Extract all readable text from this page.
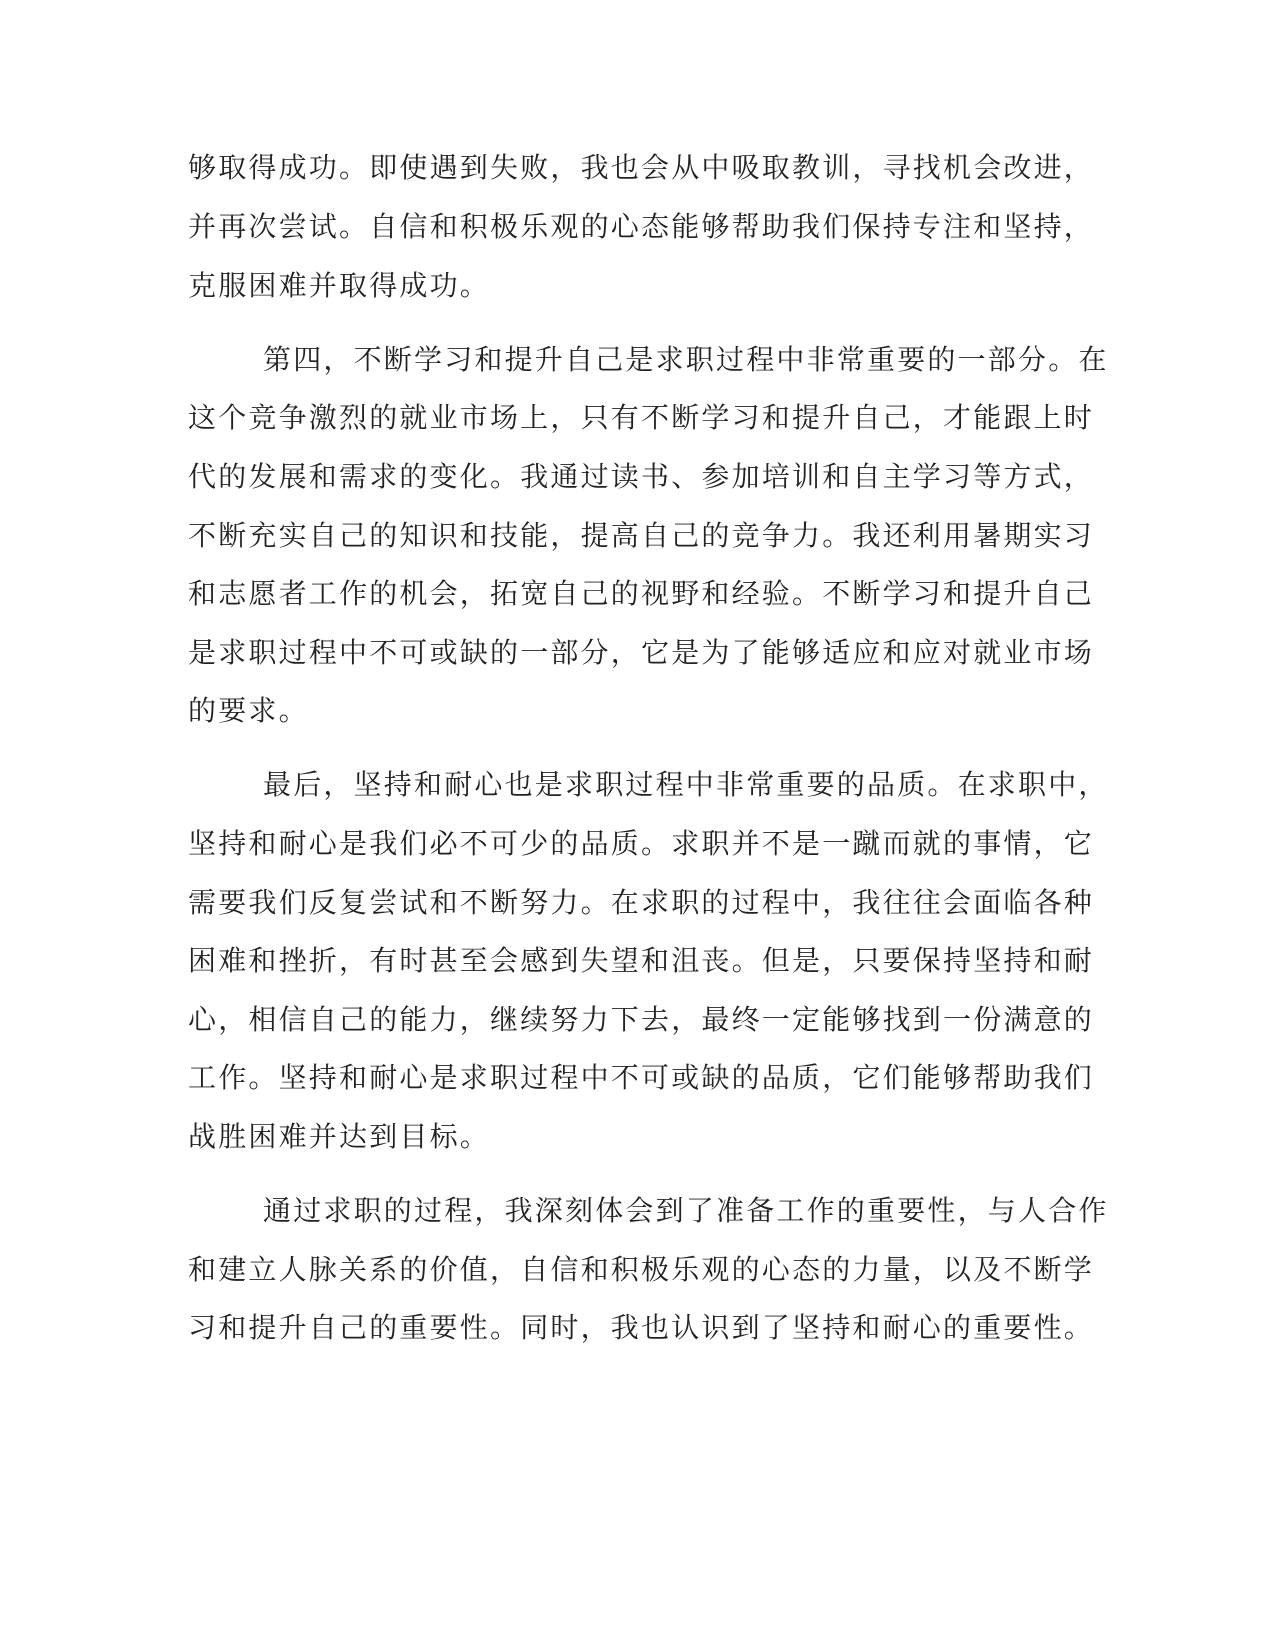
够取得成功。即使遇到失败，我也会从中吸取教训，寻找机会改进，
并再次尝试。自信和积极乐观的心态能够帮助我们保持专注和坚持，
克服困难并取得成功。
第四，不断学习和提升自己是求职过程中非常重要的一部分。在
这个竞争激烈的就业市场上，只有不断学习和提升自己，才能跟上时
代的发展和需求的变化。我通过读书、参加培训和自主学习等方式，
不断充实自己的知识和技能，提高自己的竞争力。我还利用暑期实习
和志愿者工作的机会，拓宽自己的视野和经验。不断学习和提升自己
是求职过程中不可或缺的一部分，它是为了能够适应和应对就业市场
的要求。
最后，坚持和耐心也是求职过程中非常重要的品质。在求职中，
坚持和耐心是我们必不可少的品质。求职并不是一蹴而就的事情，它
需要我们反复尝试和不断努力。在求职的过程中，我往往会面临各种
困难和挫折，有时甚至会感到失望和沮丧。但是，只要保持坚持和耐
心，相信自己的能力，继续努力下去，最终一定能够找到一份满意的
工作。坚持和耐心是求职过程中不可或缺的品质，它们能够帮助我们
战胜困难并达到目标。
通过求职的过程，我深刻体会到了准备工作的重要性，与人合作
和建立人脉关系的价值，自信和积极乐观的心态的力量，以及不断学
习和提升自己的重要性。同时，我也认识到了坚持和耐心的重要性。
